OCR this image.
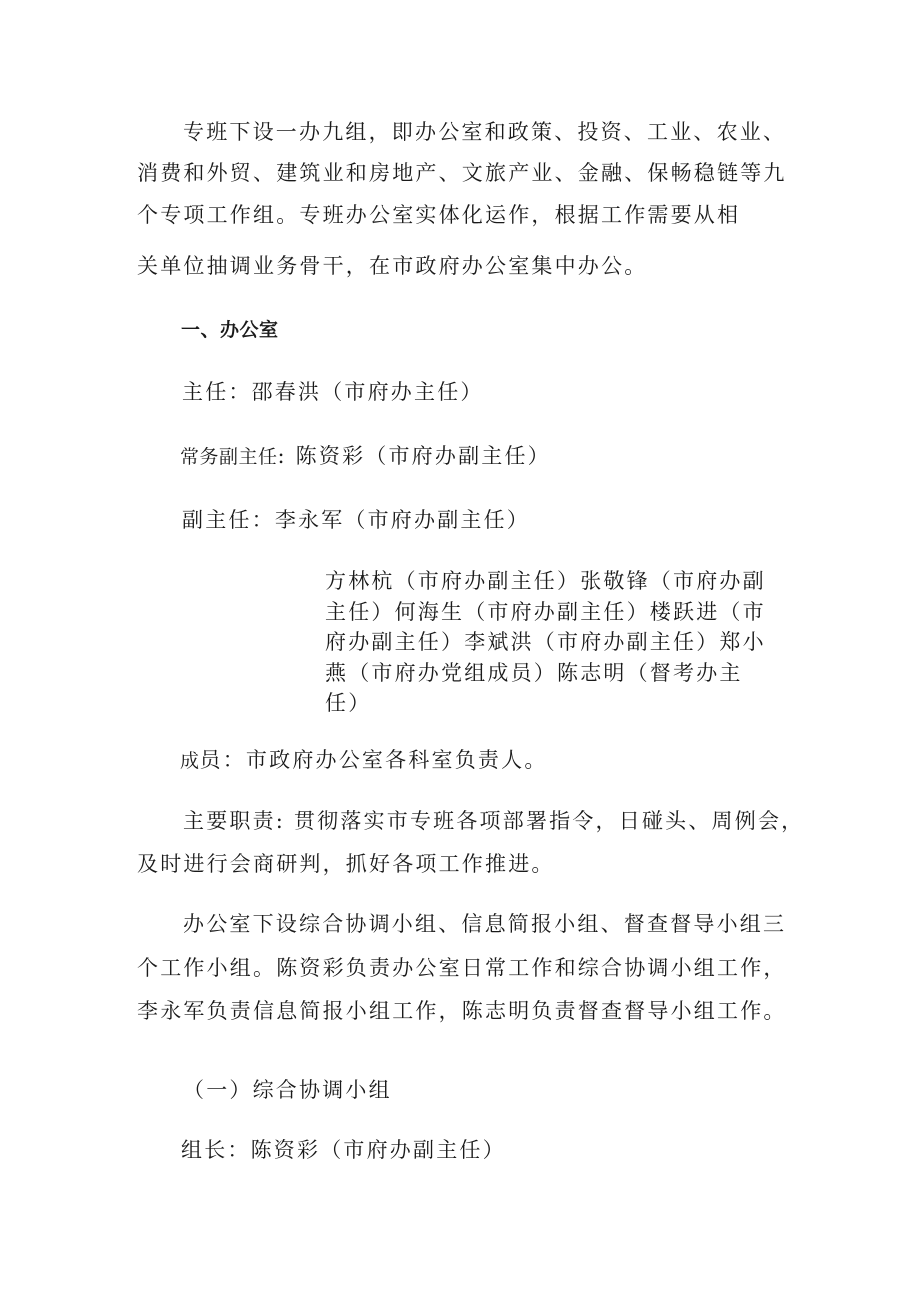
专班下设一办九组，即办公室和政策、投资、工业、农业、
消费和外贸、建筑业和房地产、文旅产业、金融、保畅稳链等九
个专项工作组。专班办公室实体化运作，根据工作需要从相
关单位抽调业务骨干，在市政府办公室集中办公。
一、办公室
主任：邵春洪（市府办主任）
常务副主任: 陈资彩（市府办副主任）
副主任：李永军（市府办副主任）
方林杭（市府办副主任）张敬锋（市府办副
主任）何海生（市府办副主任）楼跃进（市
府办副主任）李斌洪（市府办副主任）郑小
燕（市府办党组成员）陈志明（督考办主
任）
成员：市政府办公室各科室负责人。
主要职责: 贯彻落实市专班各项部署指令，日碰头、周例会，
及时进行会商研判，抓好各项工作推进。
办公室下设综合协调小组、信息简报小组、督查督导小组三
个工作小组。陈资彩负责办公室日常工作和综合协调小组工作，
李永军负责信息简报小组工作，陈志明负责督查督导小组工作。
（一）综合协调小组
组长：陈资彩（市府办副主任）
